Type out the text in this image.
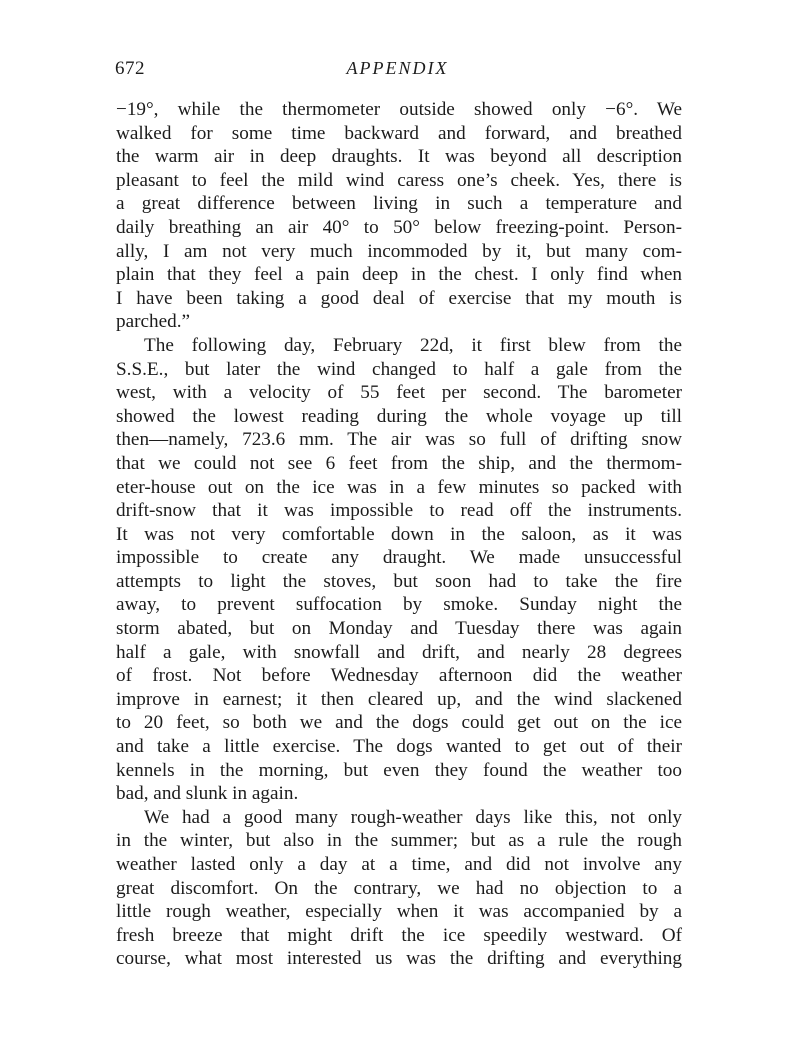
672	APPENDIX
−19°, while the thermometer outside showed only −6°. We
walked for some time backward and forward, and breathed
the warm air in deep draughts. It was beyond all description
pleasant to feel the mild wind caress one’s cheek. Yes, there is
a great difference between living in such a temperature and
daily breathing an air 40° to 50° below freezing-point. Person-
ally, I am not very much incommoded by it, but many com-
plain that they feel a pain deep in the chest. I only find when
I have been taking a good deal of exercise that my mouth is
parched.”
The following day, February 22d, it first blew from the
S.S.E., but later the wind changed to half a gale from the
west, with a velocity of 55 feet per second. The barometer
showed the lowest reading during the whole voyage up till
then—namely, 723.6 mm. The air was so full of drifting snow
that we could not see 6 feet from the ship, and the thermom-
eter-house out on the ice was in a few minutes so packed with
drift-snow that it was impossible to read off the instruments.
It was not very comfortable down in the saloon, as it was
impossible to create any draught. We made unsuccessful
attempts to light the stoves, but soon had to take the fire
away, to prevent suffocation by smoke. Sunday night the
storm abated, but on Monday and Tuesday there was again
half a gale, with snowfall and drift, and nearly 28 degrees
of frost. Not before Wednesday afternoon did the weather
improve in earnest; it then cleared up, and the wind slackened
to 20 feet, so both we and the dogs could get out on the ice
and take a little exercise. The dogs wanted to get out of their
kennels in the morning, but even they found the weather too
bad, and slunk in again.
We had a good many rough-weather days like this, not only
in the winter, but also in the summer; but as a rule the rough
weather lasted only a day at a time, and did not involve any
great discomfort. On the contrary, we had no objection to a
little rough weather, especially when it was accompanied by a
fresh breeze that might drift the ice speedily westward. Of
course, what most interested us was the drifting and everything
